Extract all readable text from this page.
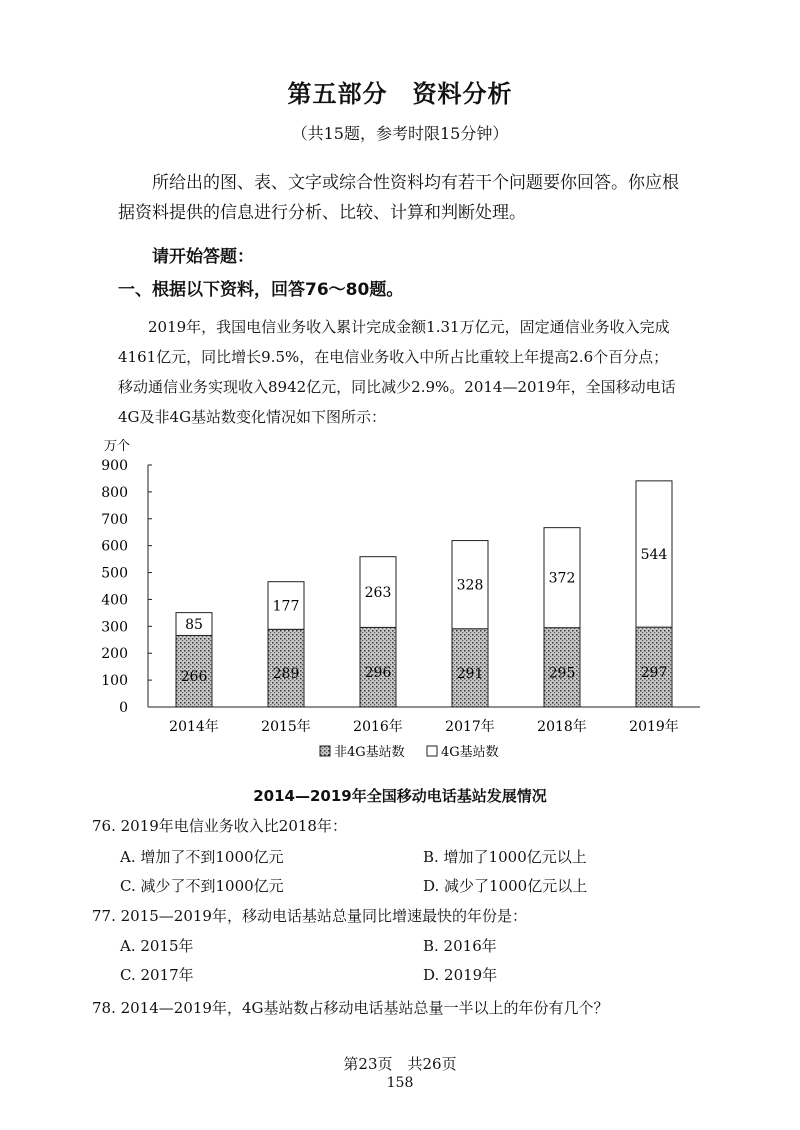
第五部分　资料分析
（共15题，参考时限15分钟）
所给出的图、表、文字或综合性资料均有若干个问题要你回答。你应根
据资料提供的信息进行分析、比较、计算和判断处理。
请开始答题：
一、根据以下资料，回答76～80题。

2019年，我国电信业务收入累计完成金额1.31万亿元，固定通信业务收入完成

4161亿元，同比增长9.5%，在电信业务收入中所占比重较上年提高2.6个百分点；

移动通信业务实现收入8942亿元，同比减少2.9%。2014—2019年，全国移动电话

4G及非4G基站数变化情况如下图所示：

万个
0
100
200
300
400
500
600
700
800
900
266
85
2014年
289
177
2015年
296
263
2016年
291
328
2017年
295
372
2018年
297
544
2019年
非4G基站数	4G基站数
2014—2019年全国移动电话基站发展情况
76. 2019年电信业务收入比2018年：
A. 增加了不到1000亿元	B. 增加了1000亿元以上
C. 减少了不到1000亿元	D. 减少了1000亿元以上
77. 2015—2019年，移动电话基站总量同比增速最快的年份是：
A. 2015年	B. 2016年
C. 2017年	D. 2019年
78. 2014—2019年，4G基站数占移动电话基站总量一半以上的年份有几个？
第23页　共26页
158
